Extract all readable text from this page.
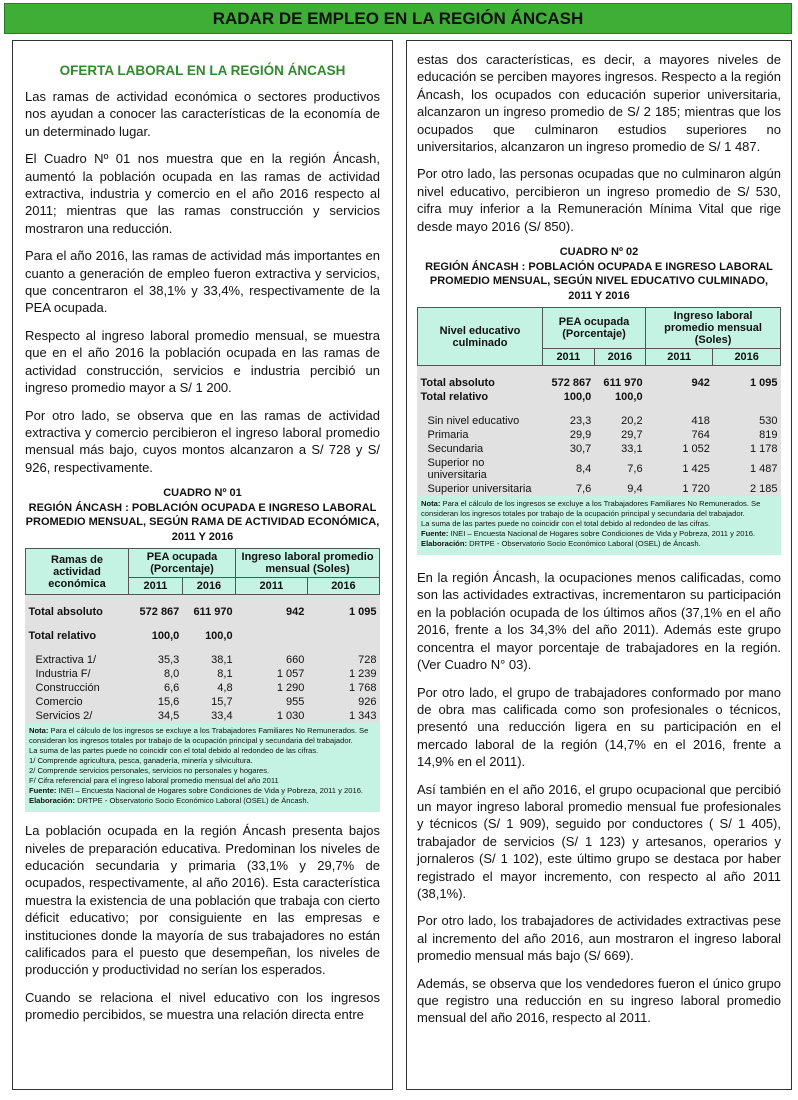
RADAR DE EMPLEO EN LA REGIÓN ÁNCASH
OFERTA LABORAL EN LA REGIÓN ÁNCASH

Las ramas de actividad económica o sectores productivos nos ayudan a conocer las características de la economía de un determinado lugar.

El Cuadro Nº 01 nos muestra que en la región Áncash, aumentó la población ocupada en las ramas de actividad extractiva, industria y comercio en el año 2016 respecto al 2011; mientras que las ramas construcción y servicios mostraron una reducción.

Para el año 2016, las ramas de actividad más importantes en cuanto a generación de empleo fueron extractiva y servicios, que concentraron el 38,1% y 33,4%, respectivamente de la PEA ocupada.

Respecto al ingreso laboral promedio mensual, se muestra que en el año 2016 la población ocupada en las ramas de actividad construcción, servicios e industria percibió un ingreso promedio mayor a S/ 1 200.

Por otro lado, se observa que en las ramas de actividad extractiva y comercio percibieron el ingreso laboral promedio mensual más bajo, cuyos montos alcanzaron a S/ 728 y S/ 926, respectivamente.

CUADRO Nº 01
REGIÓN ÁNCASH : POBLACIÓN OCUPADA E INGRESO LABORAL PROMEDIO MENSUAL, SEGÚN RAMA DE ACTIVIDAD ECONÓMICA, 2011 Y 2016
Ramas de actividad económica	PEA ocupada (Porcentaje)		Ingreso laboral promedio mensual (Soles)	
	2011	2016	2011	2016

Total absoluto	572 867	611 970	942	1 095

Total relativo	100,0	100,0		

Extractiva 1/	35,3	38,1	660	728
Industria F/	8,0	8,1	1 057	1 239
Construcción	6,6	4,8	1 290	1 768
Comercio	15,6	15,7	955	926
Servicios 2/	34,5	33,4	1 030	1 343
Nota: Para el cálculo de los ingresos se excluye a los Trabajadores Familiares No Remunerados. Se consideran los ingresos totales por trabajo de la ocupación principal y secundaria del trabajador.
La suma de las partes puede no coincidir con el total debido al redondeo de las cifras.
1/ Comprende agricultura, pesca, ganadería, minería y silvicultura.
2/ Comprende servicios personales, servicios no personales y hogares.
F/ Cifra referencial para el ingreso laboral promedio mensual del año 2011
Fuente: INEI – Encuesta Nacional de Hogares sobre Condiciones de Vida y Pobreza, 2011 y 2016.
Elaboración: DRTPE - Observatorio Socio Económico Laboral (OSEL) de Áncash.

La población ocupada en la región Áncash presenta bajos niveles de preparación educativa. Predominan los niveles de educación secundaria y primaria (33,1% y 29,7% de ocupados, respectivamente, al año 2016). Esta característica muestra la existencia de una población que trabaja con cierto déficit educativo; por consiguiente en las empresas e instituciones donde la mayoría de sus trabajadores no están calificados para el puesto que desempeñan, los niveles de producción y productividad no serían los esperados.

Cuando se relaciona el nivel educativo con los ingresos promedio percibidos, se muestra una relación directa entre

estas dos características, es decir, a mayores niveles de educación se perciben mayores ingresos. Respecto a la región Áncash, los ocupados con educación superior universitaria, alcanzaron un ingreso promedio de S/ 2 185; mientras que los ocupados que culminaron estudios superiores no universitarios, alcanzaron un ingreso promedio de S/ 1 487.

Por otro lado, las personas ocupadas que no culminaron algún nivel educativo, percibieron un ingreso promedio de S/ 530, cifra muy inferior a la Remuneración Mínima Vital que rige desde mayo 2016 (S/ 850).

CUADRO Nº 02
REGIÓN ÁNCASH : POBLACIÓN OCUPADA E INGRESO LABORAL PROMEDIO MENSUAL, SEGÚN NIVEL EDUCATIVO CULMINADO, 2011 Y 2016
Nivel educativo culminado	PEA ocupada (Porcentaje)		Ingreso laboral promedio mensual (Soles)	
	2011	2016	2011	2016

Total absoluto	572 867	611 970	942	1 095
Total relativo	100,0	100,0		

Sin nivel educativo	23,3	20,2	418	530
Primaria	29,9	29,7	764	819
Secundaria	30,7	33,1	1 052	1 178
Superior no universitaria	8,4	7,6	1 425	1 487
Superior universitaria	7,6	9,4	1 720	2 185
Nota: Para el cálculo de los ingresos se excluye a los Trabajadores Familiares No Remunerados. Se consideran los ingresos totales por trabajo de la ocupación principal y secundaria del trabajador.
La suma de las partes puede no coincidir con el total debido al redondeo de las cifras.
Fuente: INEI – Encuesta Nacional de Hogares sobre Condiciones de Vida y Pobreza, 2011 y 2016.
Elaboración: DRTPE - Observatorio Socio Económico Laboral (OSEL) de Áncash.

En la región Áncash, la ocupaciones menos calificadas, como son las actividades extractivas, incrementaron su participación en la población ocupada de los últimos años (37,1% en el año 2016, frente a los 34,3% del año 2011). Además este grupo concentra el mayor porcentaje de trabajadores en la región. (Ver Cuadro N° 03).

Por otro lado, el grupo de trabajadores conformado por mano de obra mas calificada como son profesionales o técnicos, presentó una reducción ligera en su participación en el mercado laboral de la región (14,7% en el 2016, frente a 14,9% en el 2011).

Así también en el año 2016, el grupo ocupacional que percibió un mayor ingreso laboral promedio mensual fue profesionales y técnicos (S/ 1 909), seguido por conductores ( S/ 1 405), trabajador de servicios (S/ 1 123) y artesanos, operarios y jornaleros (S/ 1 102), este último grupo se destaca por haber registrado el mayor incremento, con respecto al año 2011 (38,1%).

Por otro lado, los trabajadores de actividades extractivas pese al incremento del año 2016, aun mostraron el ingreso laboral promedio mensual más bajo (S/ 669).

Además, se observa que los vendedores fueron el único grupo que registro una reducción en su ingreso laboral promedio mensual del año 2016, respecto al 2011.
